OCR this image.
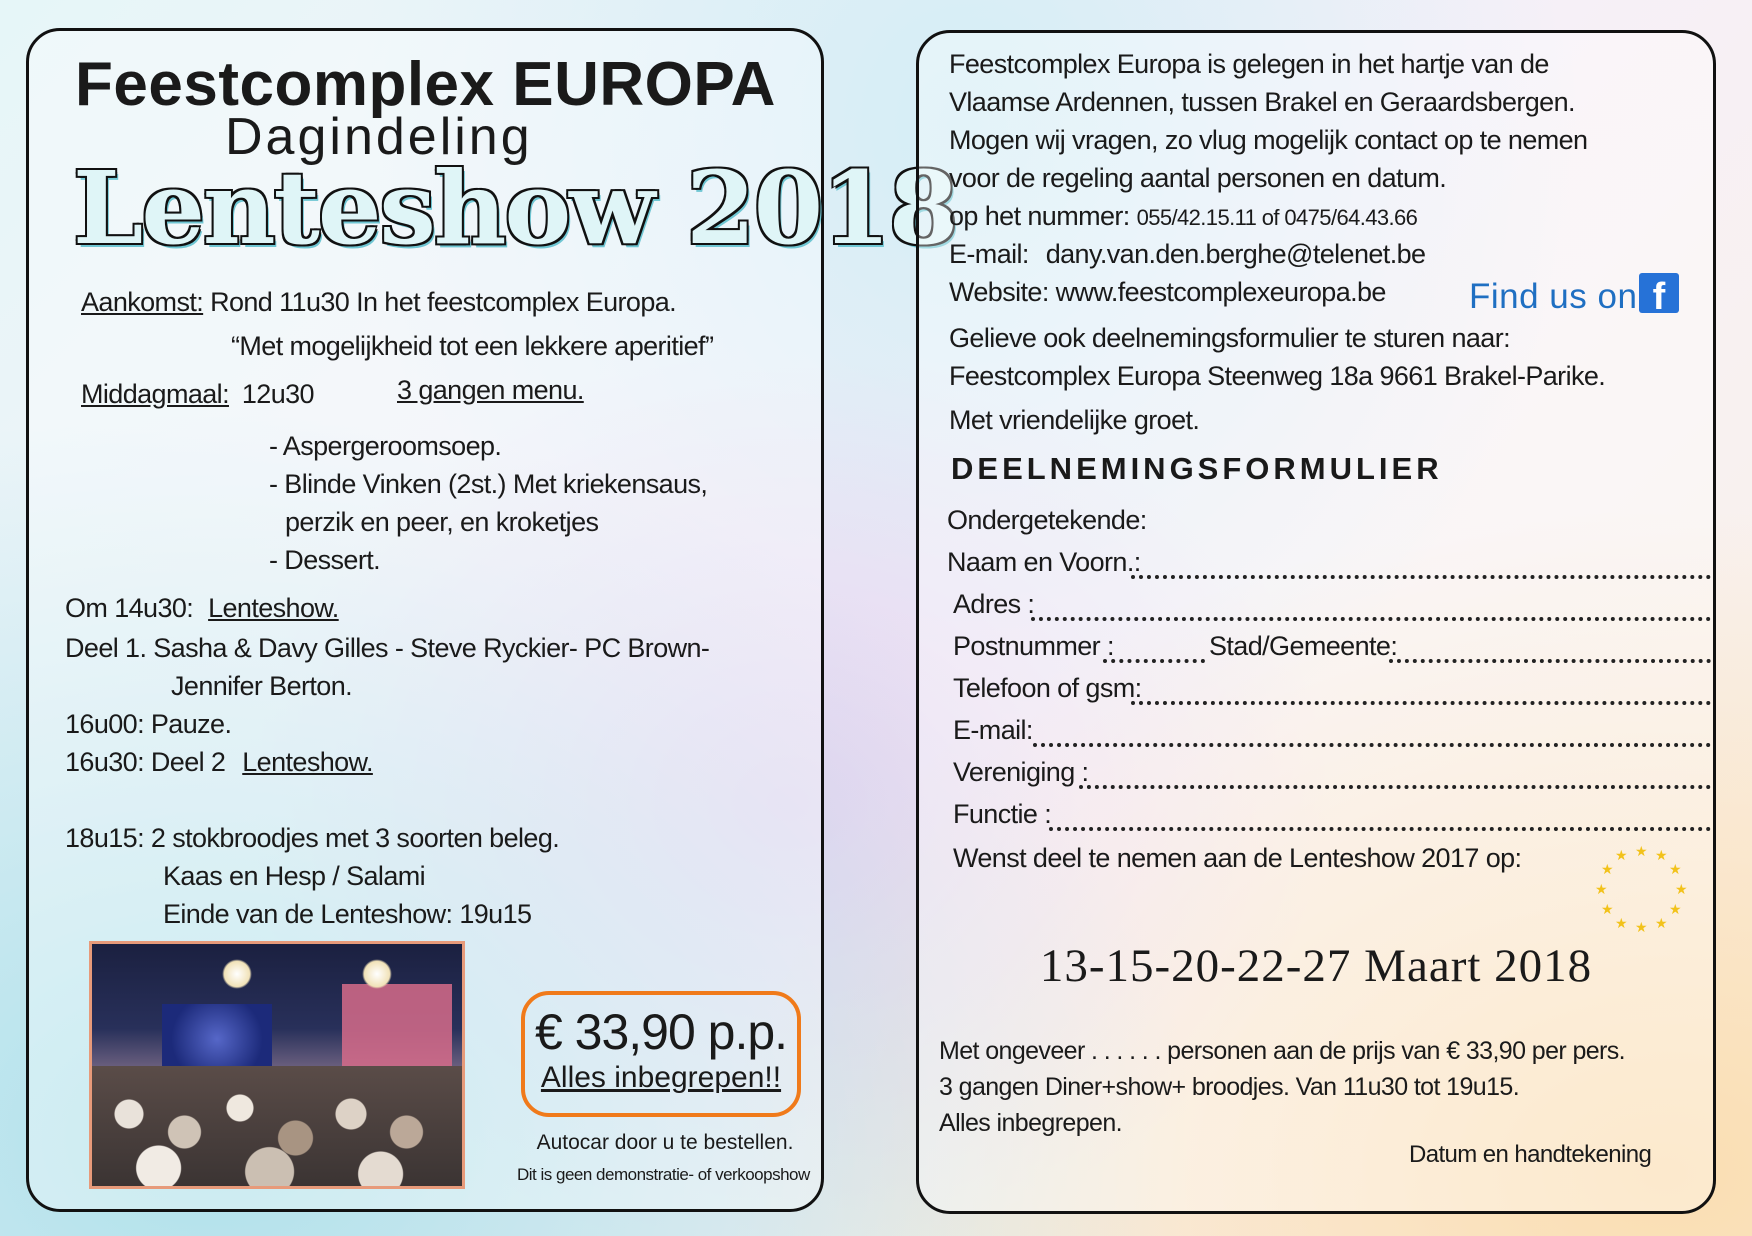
Feestcomplex EUROPA
Dagindeling
Lenteshow 2018
Aankomst: Rond 11u30 In het feestcomplex Europa.
“Met mogelijkheid tot een lekkere aperitief”
Middagmaal: 12u30	3 gangen menu.
- Aspergeroomsoep.
- Blinde Vinken (2st.) Met kriekensaus,
perzik en peer, en kroketjes
- Dessert.
Om 14u30: Lenteshow.
Deel 1. Sasha & Davy Gilles - Steve Ryckier- PC Brown-
Jennifer Berton.
16u00: Pauze.
16u30: Deel 2 Lenteshow.
18u15: 2 stokbroodjes met 3 soorten beleg.
Kaas en Hesp / Salami
Einde van de Lenteshow: 19u15
€ 33,90 p.p.
Alles inbegrepen!!
Autocar door u te bestellen.
Dit is geen demonstratie- of verkoopshow
Feestcomplex Europa is gelegen in het hartje van de
Vlaamse Ardennen, tussen Brakel en Geraardsbergen.
Mogen wij vragen, zo vlug mogelijk contact op te nemen
voor de regeling aantal personen en datum.
op het nummer: 055/42.15.11 of 0475/64.43.66
E-mail: dany.van.den.berghe@telenet.be
Website: www.feestcomplexeuropa.be Find us on f
Gelieve ook deelnemingsformulier te sturen naar:
Feestcomplex Europa Steenweg 18a 9661 Brakel-Parike.
Met vriendelijke groet.
DEELNEMINGSFORMULIER
Ondergetekende:
Naam en Voorn.:
Adres :
Postnummer :	Stad/Gemeente:
Telefoon of gsm:
E-mail:
Vereniging :
Functie :
Wenst deel te nemen aan de Lenteshow 2017 op:	★ ★
★
★
★
★
★
★
★
★
★
★
13-15-20-22-27 Maart 2018
Met ongeveer . . . . . . personen aan de prijs van € 33,90 per pers.
3 gangen Diner+show+ broodjes. Van 11u30 tot 19u15.
Alles inbegrepen.
Datum en handtekening
